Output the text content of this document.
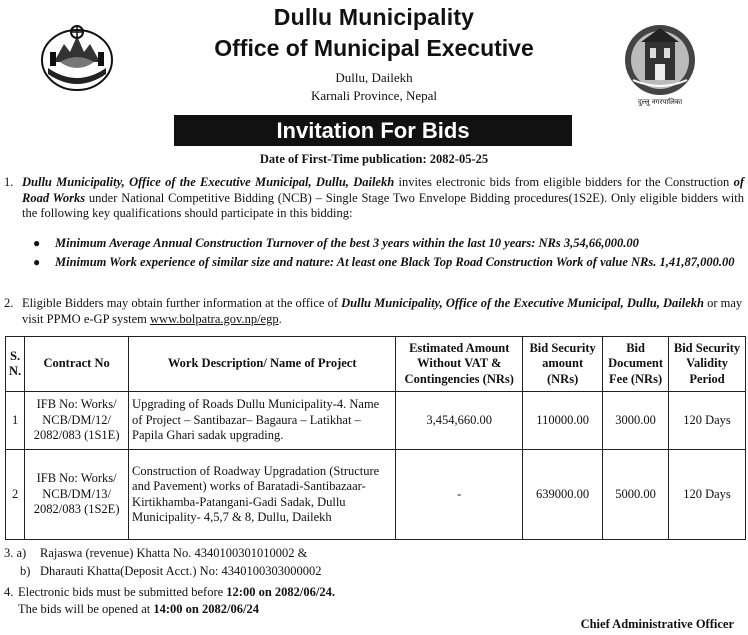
दुल्लु नगरपालिका
Dullu Municipality
Office of Municipal Executive
Dullu, Dailekh
Karnali Province, Nepal
Invitation For Bids
Date of First-Time publication: 2082-05-25
1. Dullu Municipality, Office of the Executive Municipal, Dullu, Dailekh invites electronic bids from eligible bidders for the Construction of Road Works under National Competitive Bidding (NCB) – Single Stage Two Envelope Bidding procedures(1S2E). Only eligible bidders with the following key qualifications should participate in this bidding:
● Minimum Average Annual Construction Turnover of the best 3 years within the last 10 years: NRs 3,54,66,000.00
● Minimum Work experience of similar size and nature: At least one Black Top Road Construction Work of value NRs. 1,41,87,000.00
2. Eligible Bidders may obtain further information at the office of Dullu Municipality, Office of the Executive Municipal, Dullu, Dailekh or may visit PPMO e-GP system www.bolpatra.gov.np/egp.
S. N.	Contract No	Work Description/ Name of Project	Estimated Amount Without VAT & Contingencies (NRs)	Bid Security amount (NRs)	Bid Document Fee (NRs)	Bid Security Validity Period
1	IFB No: Works/ NCB/DM/12/ 2082/083 (1S1E)	Upgrading of Roads Dullu Municipality-4. Name of Project – Santibazar– Bagaura – Latikhat – Papila Ghari sadak upgrading.	3,454,660.00	110000.00	3000.00	120 Days
2	IFB No: Works/ NCB/DM/13/ 2082/083 (1S2E)	Construction of Roadway Upgradation (Structure and Pavement) works of Baratadi-Santibazaar-Kirtikhamba-Patangani-Gadi Sadak, Dullu Municipality- 4,5,7 & 8, Dullu, Dailekh	-	639000.00	5000.00	120 Days
3. a) Rajaswa (revenue) Khatta No. 4340100301010002 &
b) Dharauti Khatta(Deposit Acct.) No: 4340100303000002
4. Electronic bids must be submitted before 12:00 on 2082/06/24.
The bids will be opened at 14:00 on 2082/06/24
Chief Administrative Officer
